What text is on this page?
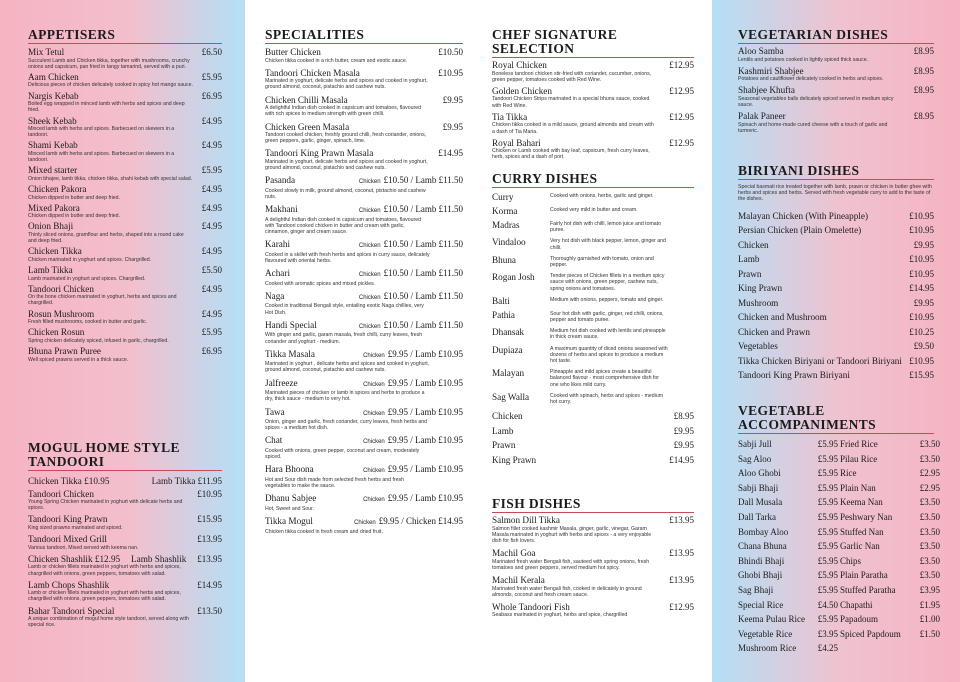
APPETISERS
Mix Tetul	£6.50
Succulent Lamb and Chicken tikka, together with mushrooms, crunchy onions and capsicum, pan fried in tangy tamarind, served with a puri.
Aam Chicken	£5.95
Delicious pieces of chicken delicately cooked in spicy hot mango sauce.
Nargis Kebab	£6.95
Boiled egg wrapped in minced lamb with herbs and spices and deep fried.
Sheek Kebab	£4.95
Minced lamb with herbs and spices. Barbecued on skewers in a tandoori.
Shami Kebab	£4.95
Minced lamb with herbs and spices. Barbecued on skewers in a tandoori.
Mixed starter	£5.95
Onion bhajee, lamb tikka, chicken tikka, shahi kebab with special salad.
Chicken Pakora	£4.95
Chicken dipped in butter and deep fried.
Mixed Pakora	£4.95
Chicken dipped in butter and deep fried.
Onion Bhaji	£4.95
Thinly sliced onions, gramflour and herbs, shaped into a round cake and deep fried.
Chicken Tikka	£4.95
Chicken marinated in yoghurt and spices. Chargrilled.
Lamb Tikka	£5.50
Lamb marinated in yoghurt and spices. Chargrilled.
Tandoori Chicken	£4.95
On the bone chicken marinated in yoghurt, herbs and spices and chargrilled.
Rosun Mushroom	£4.95
Fresh filled mushrooms, cooked in butter and garlic.
Chicken Rosun	£5.95
Spring chicken delicately spiced, infused in garlic, chargrilled.
Bhuna Prawn Puree	£6.95
Well spiced prawns served in a thick sauce.
MOGUL HOME STYLE TANDOORI
Chicken Tikka £10.95	Lamb Tikka £11.95
Tandoori Chicken	£10.95
Young Spring Chicken marinated in yoghurt with delicate herbs and spices.
Tandoori King Prawn	£15.95
King sized prawns marinated and spiced.
Tandoori Mixed Grill	£13.95
Various tandoori, Mixed served with keema nan.
Chicken Shashlik £12.95 Lamb Shashlik £13.95
Lamb or chicken fillets marinated in yoghurt with herbs and spices, chargrilled with onions, green peppers, tomatoes with salad.
Lamb Chops Shashlik	£14.95
Lamb or chicken fillets marinated in yoghurt with herbs and spices, chargrilled with onions, green peppers, tomatoes with salad.
Bahar Tandoori Special	£13.50
A unique combination of mogul home style tandoori, served along with special rice.
SPECIALITIES
Butter Chicken	£10.50
Chicken tikka cooked in a rich butter, cream and exotic sauce.
Tandoori Chicken Masala	£10.95
Marinated in yoghurt, delicate herbs and spices and cooked in yoghurt, ground almond, coconut, pistachio and cashew nuts.
Chicken Chilli Masala	£9.95
A delightful Indian dish cooked in capsicum and tomatoes, flavoured with rich spices to medium strength with green chilli.
Chicken Green Masala	£9.95
Tandoori cooked chicken, freshly ground chilli, fresh coriander, onions, green peppers, garlic, ginger, spinach, lime.
Tandoori King Prawn Masala	£14.95
Marinated in yoghurt, delicate herbs and spices and cooked in yoghurt, ground almond, coconut, pistachio and cashew nuts.
Pasanda	Chicken £10.50 / Lamb £11.50
Cooked slowly in milk, ground almond, coconut, pistachio and cashew nuts.
Makhani	Chicken £10.50 / Lamb £11.50
A delightful Indian dish cooked in capsicum and tomatoes, flavoured with Tandoori cooked chicken in butter and cream with garlic, cinnamon, ginger and cream sauce.
Karahi	Chicken £10.50 / Lamb £11.50
Cooked in a skillet with fresh herbs and spices in curry sauce, delicately flavoured with oriental herbs.
Achari	Chicken £10.50 / Lamb £11.50
Cooked with aromatic spices and mixed pickles.
Naga	Chicken £10.50 / Lamb £11.50
Cooked in traditional Bengali style, entailing exotic Naga chillies, very Hot Dish.
Handi Special	Chicken £10.50 / Lamb £11.50
With ginger and garlic, garam masala, fresh chilli, curry leaves, fresh coriander and yoghurt - medium.
Tikka Masala	Chicken £9.95 / Lamb £10.95
Marinated in yoghurt , delicate herbs and spices and cooked in yoghurt, ground almond, coconut, pistachio and cashew nuts.
Jalfreeze	Chicken £9.95 / Lamb £10.95
Marinated pieces of chicken or lamb in spices and herbs to produce a dry, thick sauce - medium to very hot.
Tawa	Chicken £9.95 / Lamb £10.95
Onion, ginger and garlic, fresh coriander, curry leaves, fresh herbs and spices - a medium hot dish.
Chat	Chicken £9.95 / Lamb £10.95
Cooked with onions, green pepper, coconut and cream, moderately spiced.
Hara Bhoona	Chicken £9.95 / Lamb £10.95
Hot and Sour dish made from selected fresh herbs and fresh vegetables to make the sauce.
Dhanu Sabjee	Chicken £9.95 / Lamb £10.95
Hot, Sweet and Sour.
Tikka Mogul	Chicken £9.95 / Chicken £14.95
Chicken tikka cooked in fresh cream and dried fruit.
CHEF SIGNATURE SELECTION
Royal Chicken	£12.95
Boneless tandoori chicken stir-fried with coriander, cucumber, onions, green pepper, tomatoes cooked with Red Wine.
Golden Chicken	£12.95
Tandoori Chicken Strips marinated in a special bhuna sauce, cooked with Red Wine.
Tia Tikka	£12.95
Chicken tikka cooked in a mild sauce, ground almonds and cream with a dash of Tia Maria.
Royal Bahari	£12.95
Chicken or Lamb cooked with bay leaf, capsicum, fresh curry leaves, herb, spices and a dash of port.
CURRY DISHES
Curry	Cooked with onions, herbs, garlic and ginger.
Korma	Cooked very mild in butter and cream.
Madras	Fairly hot dish with chilli, lemon juice and tomato puree.
Vindaloo	Very hot dish with black pepper, lemon, ginger and chilli.
Bhuna	Thoroughly garnished with tomato, onion and pepper.
Rogan Josh	Tender pieces of Chicken fillets in a medium spicy sauce with onions, green pepper, cashew nuts, spring onions and tomatoes.
Balti	Medium with onions, peppers, tomato and ginger.
Pathia	Sour hot dish with garlic, ginger, red chilli, onions, pepper and tomato puree.
Dhansak	Medium hot dish cooked with lentils and pineapple in thick cream sauce.
Dupiaza	A maximum quantity of diced onions seasoned with dozens of herbs and spices to produce a medium hot taste.
Malayan	Pineapple and mild spices create a beautiful balanced flavour - most comprehensive dish for one who likes mild curry.
Sag Walla	Cooked with spinach, herbs and spices - medium hot curry.
Chicken	£8.95
Lamb	£9.95
Prawn	£9.95
King Prawn	£14.95
FISH DISHES
Salmon Dill Tikka	£13.95
Salmon fillet cooked kashmir Masala, ginger, garlic, vinegar, Garam Masala marinated in yoghurt with herbs and spices - a very enjoyable dish for fish lovers.
Machil Goa	£13.95
Marinated fresh water Bengali fish, sauteed with spring onions, fresh tomatoes and green peppers, served medium hot spicy.
Machil Kerala	£13.95
Marinated fresh water Bengali fish, cooked in delicately in ground almonds, coconut and fresh cream sauce.
Whole Tandoori Fish	£12.95
Seabass marinated in yoghurt, herbs and spice, chargrilled
VEGETARIAN DISHES
Aloo Samba	£8.95
Lentils and potatoes cooked in lightly spiced thick sauce.
Kashmiri Shabjee	£8.95
Potatoes and cauliflower delicately cooked in herbs and spices.
Shabjee Khufta	£8.95
Seasonal vegetables balls delicately spiced served in medium spicy sauce.
Palak Paneer	£8.95
Spinach and home-made cured cheese with a touch of garlic and turmeric.
BIRIYANI DISHES
Special basmati rice treated together with lamb, prawn or chicken in butter ghee with herbs and spices and herbs. Served with fresh vegetable curry to add to the taste of the dishes.
Malayan Chicken (With Pineapple)	£10.95
Persian Chicken (Plain Omelette)	£10.95
Chicken	£9.95
Lamb	£10.95
Prawn	£10.95
King Prawn	£14.95
Mushroom	£9.95
Chicken and Mushroom	£10.95
Chicken and Prawn	£10.25
Vegetables	£9.50
Tikka Chicken Biriyani or Tandoori Biriyani £10.95
Tandoori King Prawn Biriyani	£15.95
VEGETABLE ACCOMPANIMENTS
Sabji Jull	£5.95 Fried Rice	£3.50
Sag Aloo	£5.95 Pilau Rice	£3.50
Aloo Ghobi	£5.95 Rice	£2.95
Sabji Bhaji	£5.95 Plain Nan	£2.95
Dall Musala	£5.95 Keema Nan	£3.50
Dall Tarka	£5.95 Peshwary Nan	£3.50
Bombay Aloo	£5.95 Stuffed Nan	£3.50
Chana Bhuna	£5.95 Garlic Nan	£3.50
Bhindi Bhaji	£5.95 Chips	£3.50
Ghobi Bhaji	£5.95 Plain Paratha	£3.50
Sag Bhaji	£5.95 Stuffed Paratha	£3.95
Special Rice	£4.50 Chapathi	£1.95
Keema Pulau Rice	£5.95 Papadoum	£1.00
Vegetable Rice	£3.95 Spiced Papdoum	£1.50
Mushroom Rice	£4.25
